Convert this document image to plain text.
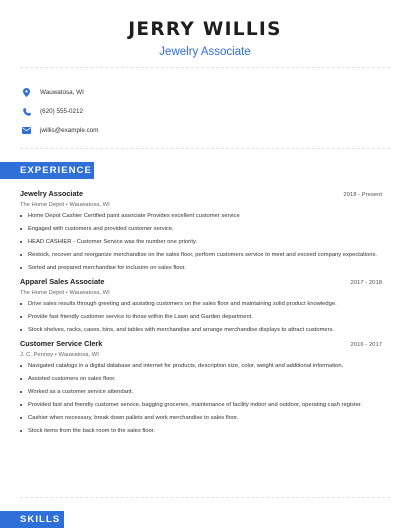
JERRY WILLIS
Jewelry Associate
Wauwatosa, WI
(620) 555-0212
jwillis@example.com
EXPERIENCE
Jewelry Associate	2018 - Present
The Home Depot • Wauwatosa, WI
Home Depot Cashier Certified paint associate Provides excellent customer service
Engaged with customers and provided customer service.
HEAD CASHIER - Customer Service was the number one priority.
Restock, recover and reorganize merchandise on the sales floor, perform customers service to meet and exceed company expectations.
Sorted and prepared merchandise for inclusion on sales floor.
Apparel Sales Associate	2017 - 2018
The Home Depot • Wauwatosa, WI
Drive sales results through greeting and assisting customers on the sales floor and maintaining solid product knowledge.
Provide fast friendly customer service to those within the Lawn and Garden department.
Stock shelves, racks, cases, bins, and tables with merchandise and arrange merchandise displays to attract customers.
Customer Service Clerk	2016 - 2017
J. C. Penney • Wauwatosa, WI
Navigated catalogs in a digital database and internet for products, description size, color, weight and additional information.
Assisted customers on sales floor.
Worked as a customer service attendant.
Provided fast and friendly customer service, bagging groceries, maintenance of facility indoor and outdoor, operating cash register.
Cashier when necessary, break down pallets and work merchandise to sales floor.
Stock items from the back room to the sales floor.
SKILLS
